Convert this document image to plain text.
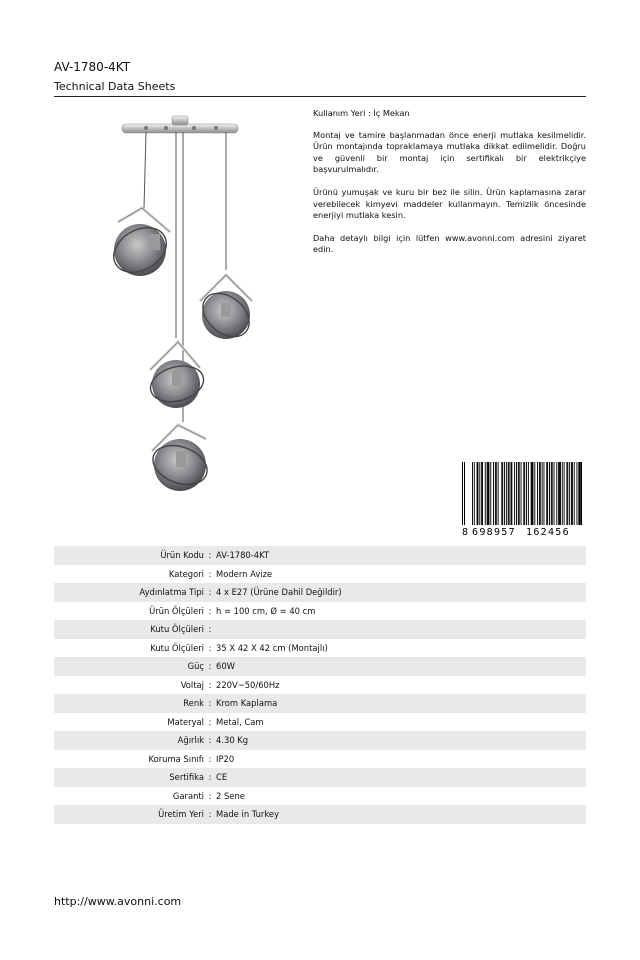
AV-1780-4KT
Technical Data Sheets

Kullanım Yeri : İç Mekan

Montaj ve tamire başlanmadan önce enerji mutlaka kesilmelidir. Ürün montajında topraklamaya mutlaka dikkat edilmelidir. Doğru ve güvenli bir montaj için sertifikalı bir elektrikçiye başvurulmalıdır.

Ürünü yumuşak ve kuru bir bez ile silin. Ürün kaplamasına zarar verebilecek kimyevi maddeler kullanmayın. Temizlik öncesinde enerjiyi mutlaka kesin.

Daha detaylı bilgi için lütfen www.avonni.com adresini ziyaret edin.

8 698957 162456
Ürün Kodu : AV-1780-4KT
Kategori : Modern Avize
Aydınlatma Tipi : 4 x E27 (Ürüne Dahil Değildir)
Ürün Ölçüleri : h = 100 cm, Ø = 40 cm
Kutu Ölçüleri :
Kutu Ölçüleri : 35 X 42 X 42 cm (Montajlı)
Güç : 60W
Voltaj : 220V~50/60Hz
Renk : Krom Kaplama
Materyal : Metal, Cam
Ağırlık : 4.30 Kg
Koruma Sınıfı : IP20
Sertifika : CE
Garanti : 2 Sene
Üretim Yeri : Made in Turkey
http://www.avonni.com
